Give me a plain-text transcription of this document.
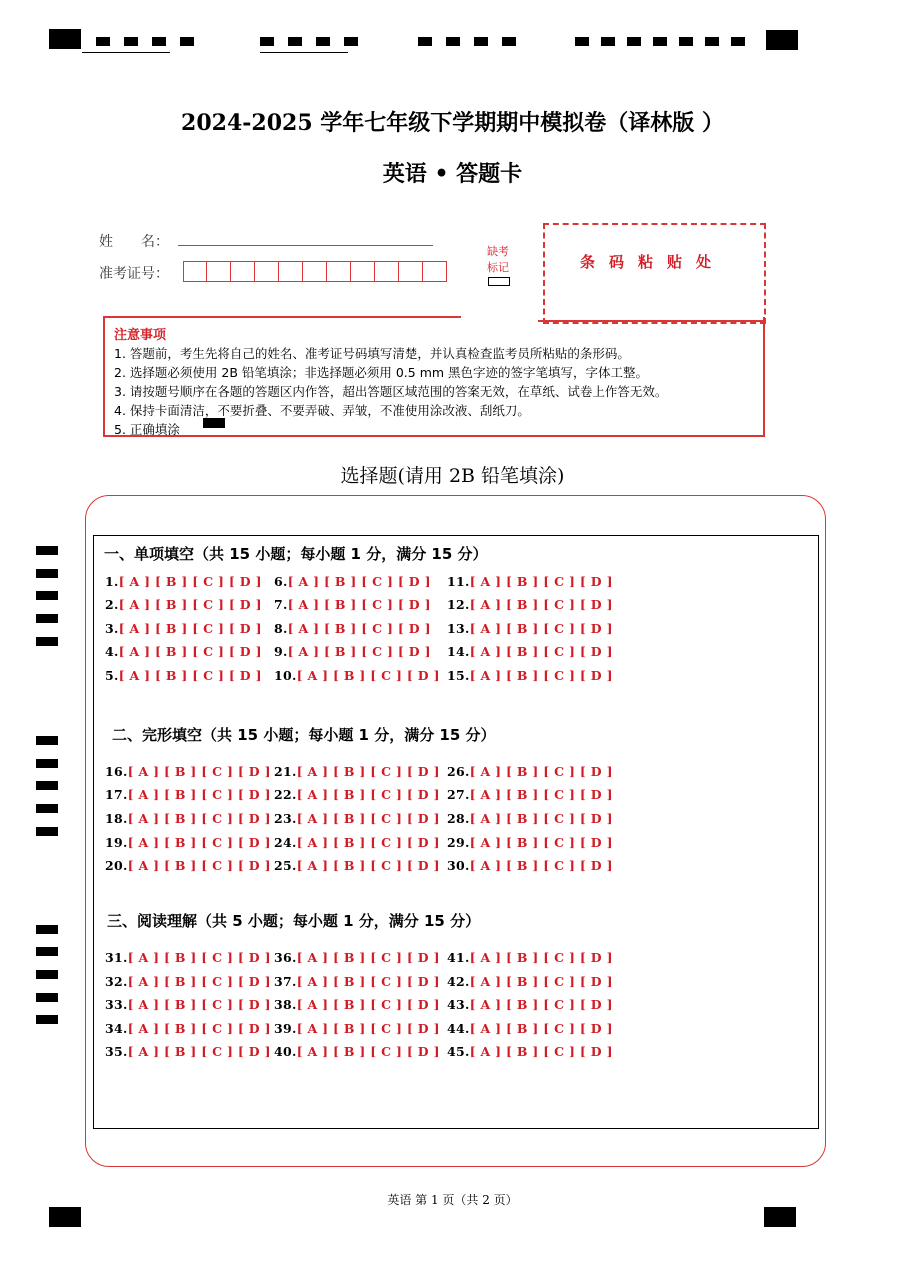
2024-2025 学年七年级下学期期中模拟卷（译林版 ）
英语 • 答题卡
姓　　名：
准考证号：
缺考
标记	条码粘贴处
注意事项
1. 答题前，考生先将自己的姓名、准考证号码填写清楚，并认真检查监考员所粘贴的条形码。
2. 选择题必须使用 2B 铅笔填涂；非选择题必须用 0.5 mm 黑色字迹的签字笔填写，字体工整。
3. 请按题号顺序在各题的答题区内作答，超出答题区域范围的答案无效，在草纸、试卷上作答无效。
4. 保持卡面清洁，不要折叠、不要弄破、弄皱，不准使用涂改液、刮纸刀。
5. 正确填涂
选择题(请用 2B 铅笔填涂)
一、单项填空（共 15 小题；每小题 1 分，满分 15 分）
二、完形填空（共 15 小题；每小题 1 分，满分 15 分）
三、阅读理解（共 5 小题；每小题 1 分，满分 15 分）
1.[ A ] [ B ] [ C ] [ D ]
2.[ A ] [ B ] [ C ] [ D ]
3.[ A ] [ B ] [ C ] [ D ]
4.[ A ] [ B ] [ C ] [ D ]
5.[ A ] [ B ] [ C ] [ D ]
6.[ A ] [ B ] [ C ] [ D ]
7.[ A ] [ B ] [ C ] [ D ]
8.[ A ] [ B ] [ C ] [ D ]
9.[ A ] [ B ] [ C ] [ D ]
10.[ A ] [ B ] [ C ] [ D ]
11.[ A ] [ B ] [ C ] [ D ]
12.[ A ] [ B ] [ C ] [ D ]
13.[ A ] [ B ] [ C ] [ D ]
14.[ A ] [ B ] [ C ] [ D ]
15.[ A ] [ B ] [ C ] [ D ]
16.[ A ] [ B ] [ C ] [ D ]
17.[ A ] [ B ] [ C ] [ D ]
18.[ A ] [ B ] [ C ] [ D ]
19.[ A ] [ B ] [ C ] [ D ]
20.[ A ] [ B ] [ C ] [ D ]
21.[ A ] [ B ] [ C ] [ D ]
22.[ A ] [ B ] [ C ] [ D ]
23.[ A ] [ B ] [ C ] [ D ]
24.[ A ] [ B ] [ C ] [ D ]
25.[ A ] [ B ] [ C ] [ D ]
26.[ A ] [ B ] [ C ] [ D ]
27.[ A ] [ B ] [ C ] [ D ]
28.[ A ] [ B ] [ C ] [ D ]
29.[ A ] [ B ] [ C ] [ D ]
30.[ A ] [ B ] [ C ] [ D ]
31.[ A ] [ B ] [ C ] [ D ]
32.[ A ] [ B ] [ C ] [ D ]
33.[ A ] [ B ] [ C ] [ D ]
34.[ A ] [ B ] [ C ] [ D ]
35.[ A ] [ B ] [ C ] [ D ]
36.[ A ] [ B ] [ C ] [ D ]
37.[ A ] [ B ] [ C ] [ D ]
38.[ A ] [ B ] [ C ] [ D ]
39.[ A ] [ B ] [ C ] [ D ]
40.[ A ] [ B ] [ C ] [ D ]
41.[ A ] [ B ] [ C ] [ D ]
42.[ A ] [ B ] [ C ] [ D ]
43.[ A ] [ B ] [ C ] [ D ]
44.[ A ] [ B ] [ C ] [ D ]
45.[ A ] [ B ] [ C ] [ D ]
英语 第 1 页（共 2 页）
